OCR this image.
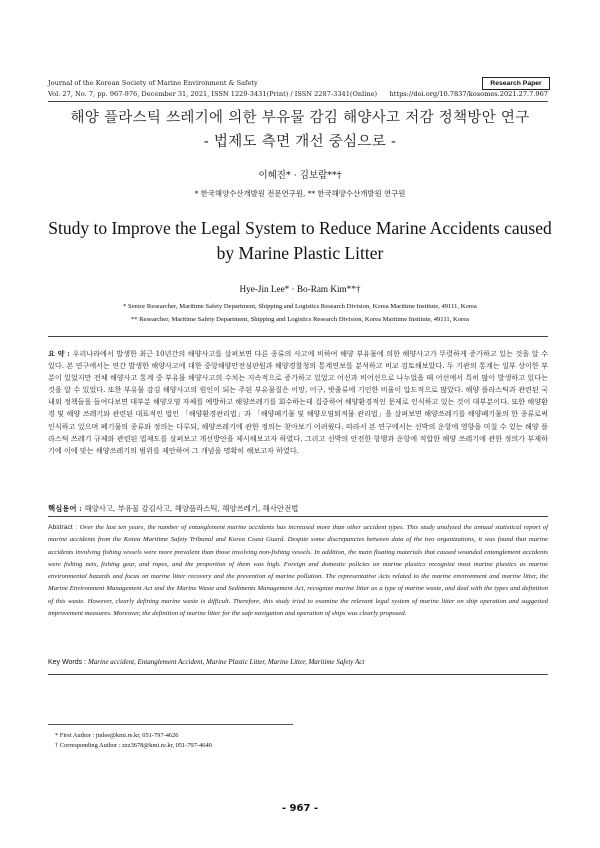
Journal of the Korean Society of Marine Environment & Safety	Research Paper
Vol. 27, No. 7, pp. 967-976, December 31, 2021, ISSN 1229-3431(Print) / ISSN 2287-3341(Online) https://doi.org/10.7837/kosomes.2021.27.7.967
해양 플라스틱 쓰레기에 의한 부유물 감김 해양사고 저감 정책방안 연구
- 법제도 측면 개선 중심으로 -
이혜진* · 김보람**†
* 한국해양수산개발원 전문연구원, ** 한국해양수산개발원 연구원
Study to Improve the Legal System to Reduce Marine Accidents caused
by Marine Plastic Litter
Hye-Jin Lee* · Bo-Ram Kim**†
* Senior Researcher, Maritime Safety Department, Shipping and Logistics Research Division, Korea Maritime Institute, 49111, Korea
** Researcher, Maritime Safety Department, Shipping and Logistics Research Division, Korea Maritime Institute, 49111, Korea
요 약 : 우리나라에서 발생한 최근 10년간의 해양사고를 살펴보면 다른 종류의 사고에 비하여 해양 부유물에 의한 해양사고가 뚜렷하게 증가하고 있는 것을 알 수 있다. 본 연구에서는 연간 발생한 해양사고에 대한 중앙해양안전심판원과 해양경찰청의 통계연보를 분석하고 비교 검토해보았다. 두 기관의 통계는 일부 상이한 부분이 있었지만 전체 해양사고 통계 중 부유물 해양사고의 수치는 지속적으로 증가하고 있었고 어선과 비어선으로 나누었을 때 어선에서 특히 많이 발생하고 있다는 것을 알 수 있었다. 또한 부유물 감김 해양사고의 원인이 되는 주된 부유물질은 어망, 어구, 밧줄류에 기인한 비율이 압도적으로 많았다. 해양 플라스틱과 관련된 국내외 정책들을 들여다보면 대부분 해양오염 자체를 예방하고 해양쓰레기를 회수하는데 집중하여 해양환경적인 문제로 인식하고 있는 것이 대부분이다. 또한 해양환경 및 해양 쓰레기와 관련된 대표적인 법인 「해양환경관리법」과 「해양폐기물 및 해양오염퇴적물 관리법」을 살펴보면 해양쓰레기를 해양폐기물의 한 종류로써 인식하고 있으며 폐기물의 종류와 정의는 다루되, 해양쓰레기에 관한 정의는 찾아보기 어려웠다. 따라서 본 연구에서는 선박의 운항에 영향을 미칠 수 있는 해양 플라스틱 쓰레기 규제와 관련된 법제도를 살펴보고 개선방안을 제시해보고자 하였다. 그리고 선박의 안전한 항행과 운항에 적합한 해양 쓰레기에 관한 정의가 부재하기에 이에 맞는 해양쓰레기의 범위를 제안하여 그 개념을 명확히 해보고자 하였다.
핵심용어 : 해양사고, 부유물 감김사고, 해양플라스틱, 해양쓰레기, 해사안전법
Abstract : Over the last ten years, the number of entanglement marine accidents has increased more than other accident types. This study analyzed the annual statistical report of marine accidents from the Korea Maritime Safety Tribunal and Korea Coast Guard. Despite some discrepancies between data of the two organizations, it was found that marine accidents involving fishing vessels were more prevalent than those involving non-fishing vessels. In addition, the main floating materials that caused wounded entanglement accidents were fishing nets, fishing gear, and ropes, and the proportion of them was high. Foreign and domestic policies on marine plastics recognize most marine plastics as marine environmental hazards and focus on marine litter recovery and the prevention of marine pollution. The representative Acts related to the marine environment and marine litter, the Marine Environment Management Act and the Marine Waste and Sediments Management Act, recognize marine litter as a type of marine waste, and deal with the types and definition of this waste. However, clearly defining marine waste is difficult. Therefore, this study tried to examine the relevant legal system of marine litter on ship operation and suggested improvement measures. Moreover, the definition of marine litter for the safe navigation and operation of ships was clearly proposed.
Key Words : Marine accident, Entanglement Accident, Marine Plastic Litter, Marine Litter, Maritime Safety Act
* First Author : jinlee@kmi.re.kr, 051-797-4626
† Corresponding Author : zzz3678@kmi.re.kr, 051-797-4640
- 967 -
